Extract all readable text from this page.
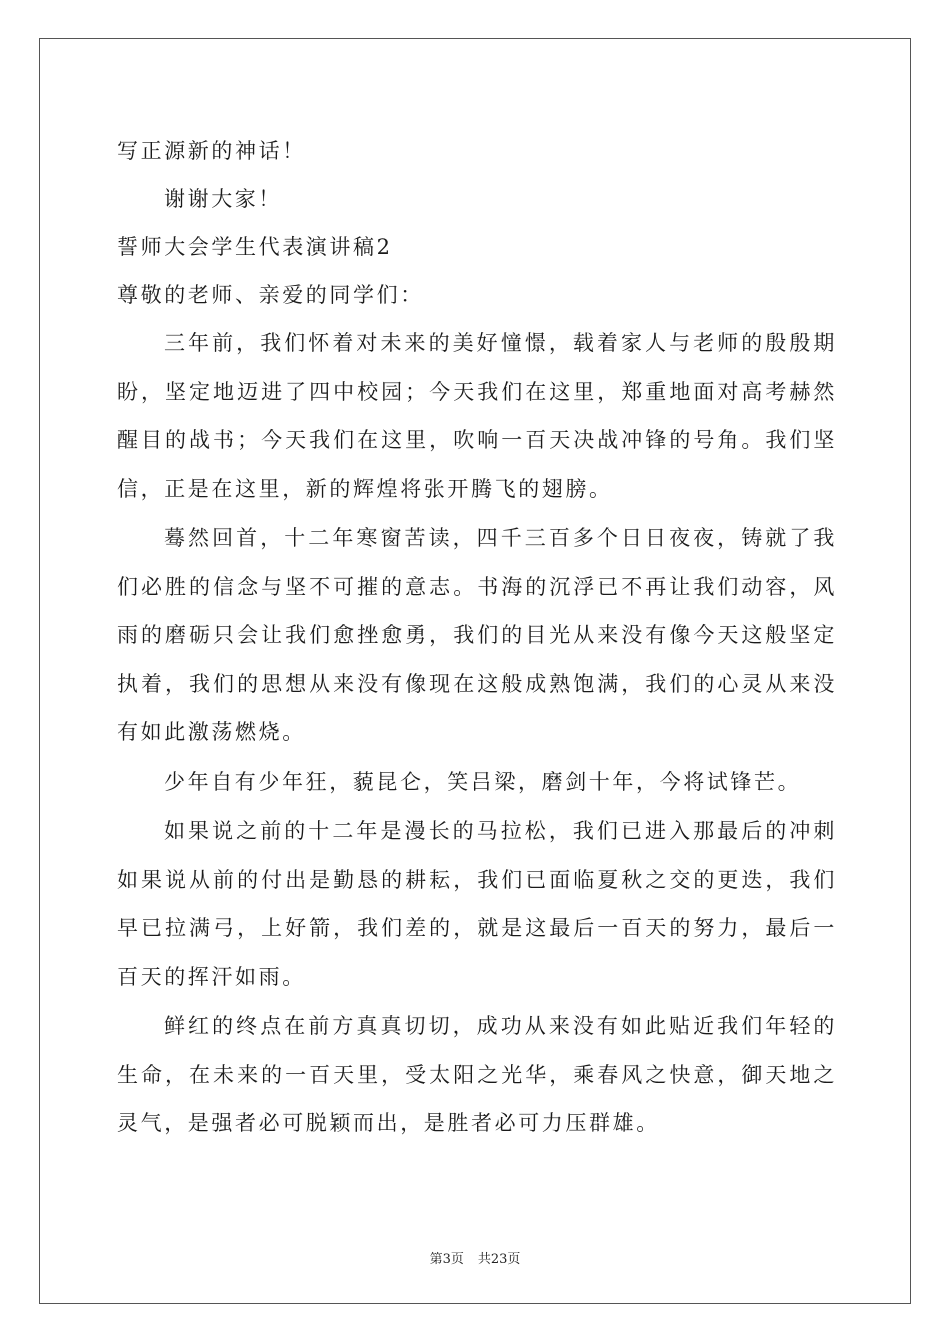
写正源新的神话！
谢谢大家！
誓师大会学生代表演讲稿2
尊敬的老师、亲爱的同学们：

三年前，我们怀着对未来的美好憧憬，载着家人与老师的殷殷期盼，坚定地迈进了四中校园；今天我们在这里，郑重地面对高考赫然醒目的战书；今天我们在这里，吹响一百天决战冲锋的号角。我们坚信，正是在这里，新的辉煌将张开腾飞的翅膀。

蓦然回首，十二年寒窗苦读，四千三百多个日日夜夜，铸就了我们必胜的信念与坚不可摧的意志。书海的沉浮已不再让我们动容，风雨的磨砺只会让我们愈挫愈勇，我们的目光从来没有像今天这般坚定执着，我们的思想从来没有像现在这般成熟饱满，我们的心灵从来没有如此激荡燃烧。

少年自有少年狂，藐昆仑，笑吕梁，磨剑十年，今将试锋芒。

如果说之前的十二年是漫长的马拉松，我们已进入那最后的冲刺如果说从前的付出是勤恳的耕耘，我们已面临夏秋之交的更迭，我们早已拉满弓，上好箭，我们差的，就是这最后一百天的努力，最后一百天的挥汗如雨。

鲜红的终点在前方真真切切，成功从来没有如此贴近我们年轻的生命，在未来的一百天里，受太阳之光华，乘春风之快意，御天地之灵气，是强者必可脱颖而出，是胜者必可力压群雄。

第3页 共23页
